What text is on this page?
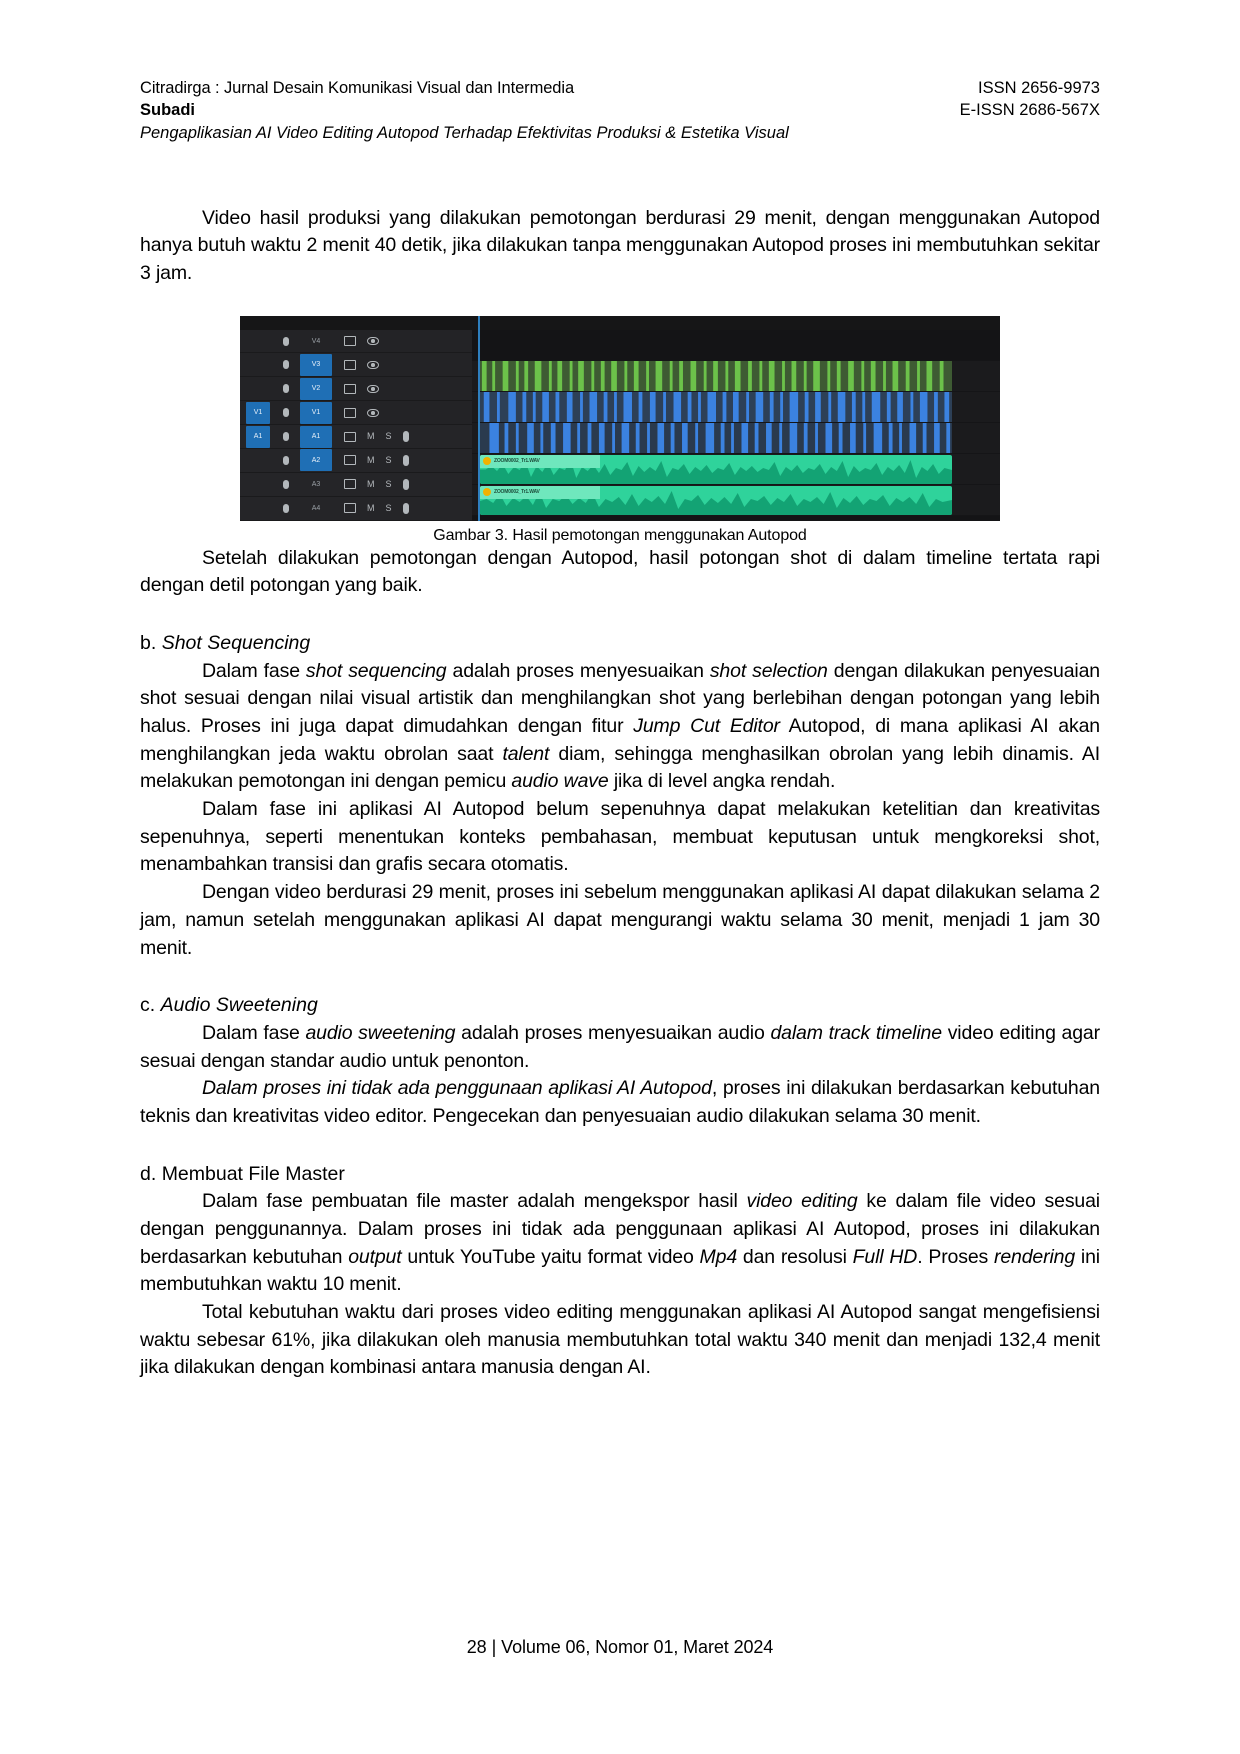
Citradirga : Jurnal Desain Komunikasi Visual dan Intermedia	ISSN 2656-9973
Subadi	E-ISSN 2686-567X
Pengaplikasian AI Video Editing Autopod Terhadap Efektivitas Produksi & Estetika Visual

Video hasil produksi yang dilakukan pemotongan berdurasi 29 menit, dengan menggunakan Autopod hanya butuh waktu 2 menit 40 detik, jika dilakukan tanpa menggunakan Autopod proses ini membutuhkan sekitar 3 jam.

V4
V3
V2
V1	V1
A1	A1	M S
A2	M S
A3	M S
A4	M S
ZOOM0002_Tr1.WAV
ZOOM0002_Tr1.WAV
Gambar 3. Hasil pemotongan menggunakan Autopod

Setelah dilakukan pemotongan dengan Autopod, hasil potongan shot di dalam timeline tertata rapi dengan detil potongan yang baik.

b. Shot Sequencing

Dalam fase shot sequencing adalah proses menyesuaikan shot selection dengan dilakukan penyesuaian shot sesuai dengan nilai visual artistik dan menghilangkan shot yang berlebihan dengan potongan yang lebih halus. Proses ini juga dapat dimudahkan dengan fitur Jump Cut Editor Autopod, di mana aplikasi AI akan menghilangkan jeda waktu obrolan saat talent diam, sehingga menghasilkan obrolan yang lebih dinamis. AI melakukan pemotongan ini dengan pemicu audio wave jika di level angka rendah.

Dalam fase ini aplikasi AI Autopod belum sepenuhnya dapat melakukan ketelitian dan kreativitas sepenuhnya, seperti menentukan konteks pembahasan, membuat keputusan untuk mengkoreksi shot, menambahkan transisi dan grafis secara otomatis.

Dengan video berdurasi 29 menit, proses ini sebelum menggunakan aplikasi AI dapat dilakukan selama 2 jam, namun setelah menggunakan aplikasi AI dapat mengurangi waktu selama 30 menit, menjadi 1 jam 30 menit.

c. Audio Sweetening

Dalam fase audio sweetening adalah proses menyesuaikan audio dalam track timeline video editing agar sesuai dengan standar audio untuk penonton.

Dalam proses ini tidak ada penggunaan aplikasi AI Autopod, proses ini dilakukan berdasarkan kebutuhan teknis dan kreativitas video editor. Pengecekan dan penyesuaian audio dilakukan selama 30 menit.

d. Membuat File Master

Dalam fase pembuatan file master adalah mengekspor hasil video editing ke dalam file video sesuai dengan penggunannya. Dalam proses ini tidak ada penggunaan aplikasi AI Autopod, proses ini dilakukan berdasarkan kebutuhan output untuk YouTube yaitu format video Mp4 dan resolusi Full HD. Proses rendering ini membutuhkan waktu 10 menit.

Total kebutuhan waktu dari proses video editing menggunakan aplikasi AI Autopod sangat mengefisiensi waktu sebesar 61%, jika dilakukan oleh manusia membutuhkan total waktu 340 menit dan menjadi 132,4 menit jika dilakukan dengan kombinasi antara manusia dengan AI.

28 | Volume 06, Nomor 01, Maret 2024
